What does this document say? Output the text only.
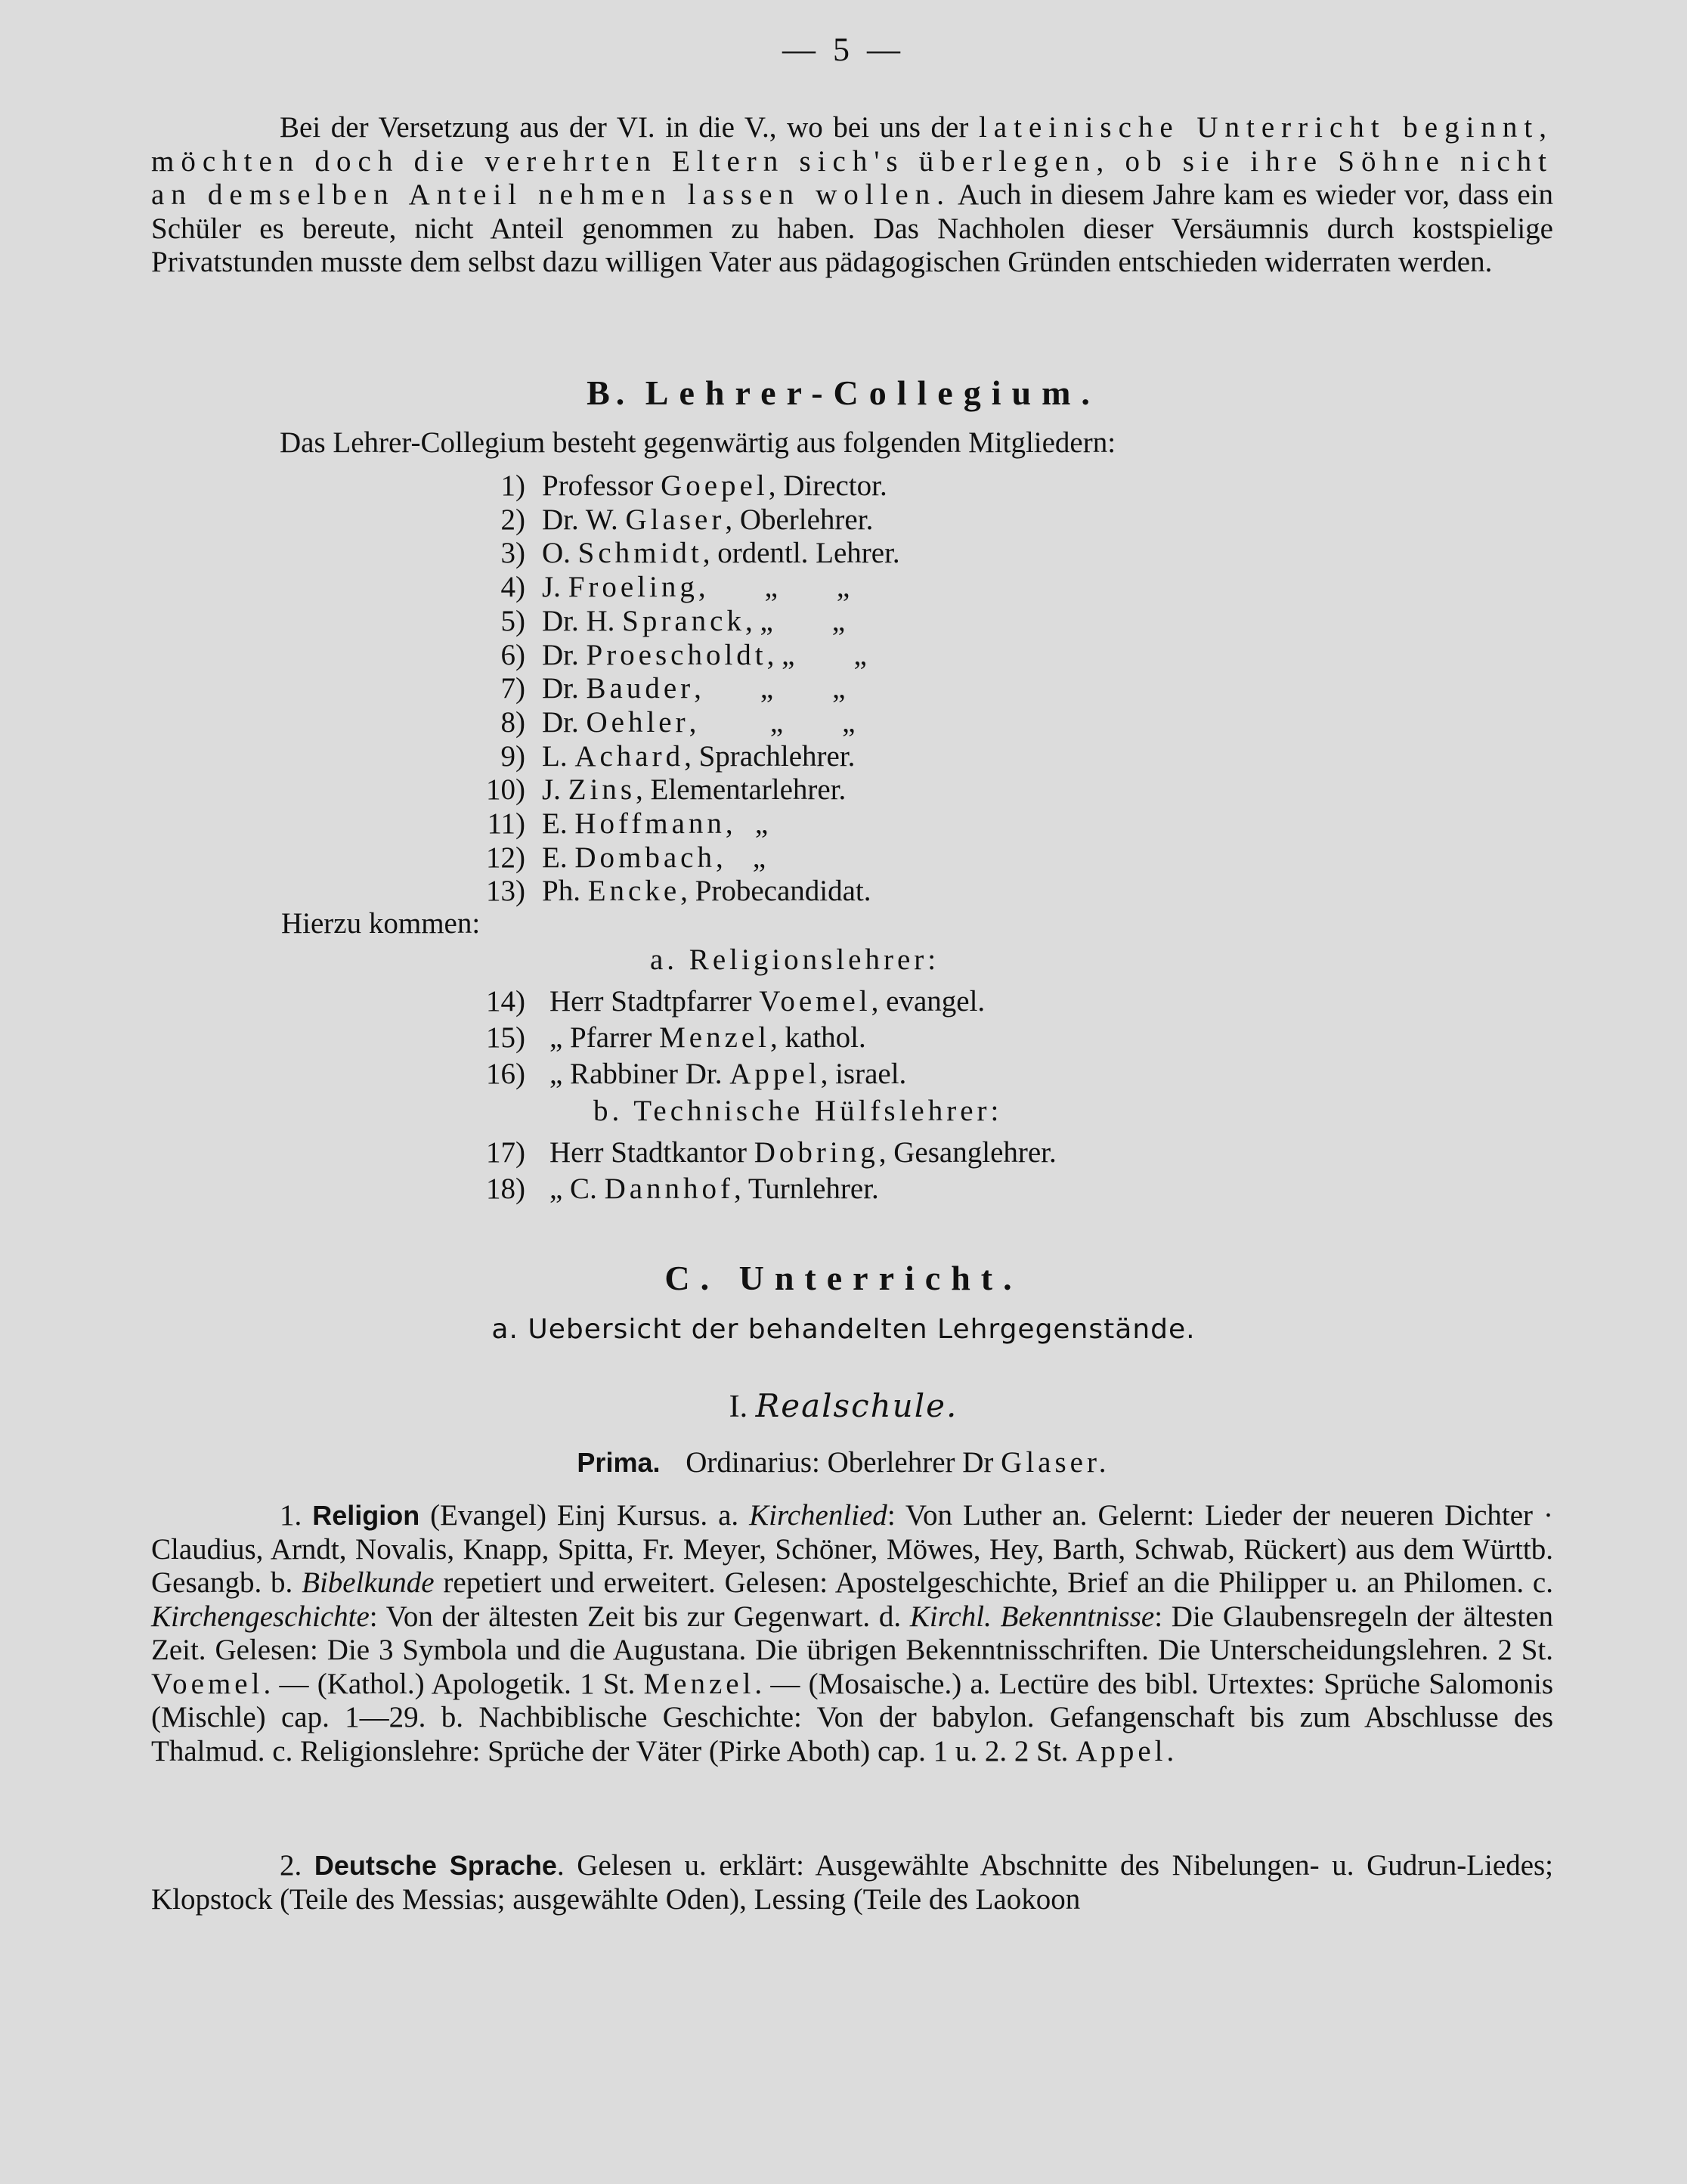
— 5 —
Bei der Versetzung aus der VI. in die V., wo bei uns der lateinische Unterricht beginnt, möchten doch die verehrten Eltern sich's überlegen, ob sie ihre Söhne nicht an demselben Anteil nehmen lassen wollen. Auch in diesem Jahre kam es wieder vor, dass ein Schüler es bereute, nicht Anteil genommen zu haben. Das Nachholen dieser Versäumnis durch kostspielige Privatstunden musste dem selbst dazu willigen Vater aus pädagogischen Gründen entschieden widerraten werden.
B. Lehrer-Collegium.
Das Lehrer-Collegium besteht gegenwärtig aus folgenden Mitgliedern:
1) Professor Goepel, Director.
2) Dr. W. Glaser, Oberlehrer.
3) O. Schmidt, ordentl. Lehrer.
4) J. Froeling,        „        „
5) Dr. H. Spranck, „        „
6) Dr. Proescholdt, „        „
7) Dr. Bauder,        „        „
8) Dr. Oehler,          „        „
9) L. Achard, Sprachlehrer.
10) J. Zins, Elementarlehrer.
11) E. Hoffmann,   „
12) E. Dombach,    „
13) Ph. Encke, Probecandidat.
Hierzu kommen:
a. Religionslehrer:
14) Herr Stadtpfarrer Voemel, evangel.
15) „ Pfarrer Menzel, kathol.
16) „ Rabbiner Dr. Appel, israel.
b. Technische Hülfslehrer:
17) Herr Stadtkantor Dobring, Gesanglehrer.
18) „ C. Dannhof, Turnlehrer.
C. Unterricht.
a. Uebersicht der behandelten Lehrgegenstände.
I. Realschule.
Prima. Ordinarius: Oberlehrer Dr Glaser.
1. Religion (Evangel) Einj Kursus. a. Kirchenlied: Von Luther an. Gelernt: Lieder der neueren Dichter · Claudius, Arndt, Novalis, Knapp, Spitta, Fr. Meyer, Schöner, Möwes, Hey, Barth, Schwab, Rückert) aus dem Württb. Gesangb. b. Bibelkunde repetiert und erweitert. Gelesen: Apostelgeschichte, Brief an die Philipper u. an Philomen. c. Kirchengeschichte: Von der ältesten Zeit bis zur Gegenwart. d. Kirchl. Bekenntnisse: Die Glaubensregeln der ältesten Zeit. Gelesen: Die 3 Symbola und die Augustana. Die übrigen Bekenntnisschriften. Die Unterscheidungslehren. 2 St. Voemel. — (Kathol.) Apologetik. 1 St. Menzel. — (Mosaische.) a. Lectüre des bibl. Urtextes: Sprüche Salomonis (Mischle) cap. 1—29. b. Nachbiblische Geschichte: Von der babylon. Gefangenschaft bis zum Abschlusse des Thalmud. c. Religionslehre: Sprüche der Väter (Pirke Aboth) cap. 1 u. 2. 2 St. Appel.
2. Deutsche Sprache. Gelesen u. erklärt: Ausgewählte Abschnitte des Nibelungen- u. Gudrun-Liedes; Klopstock (Teile des Messias; ausgewählte Oden), Lessing (Teile des Laokoon
